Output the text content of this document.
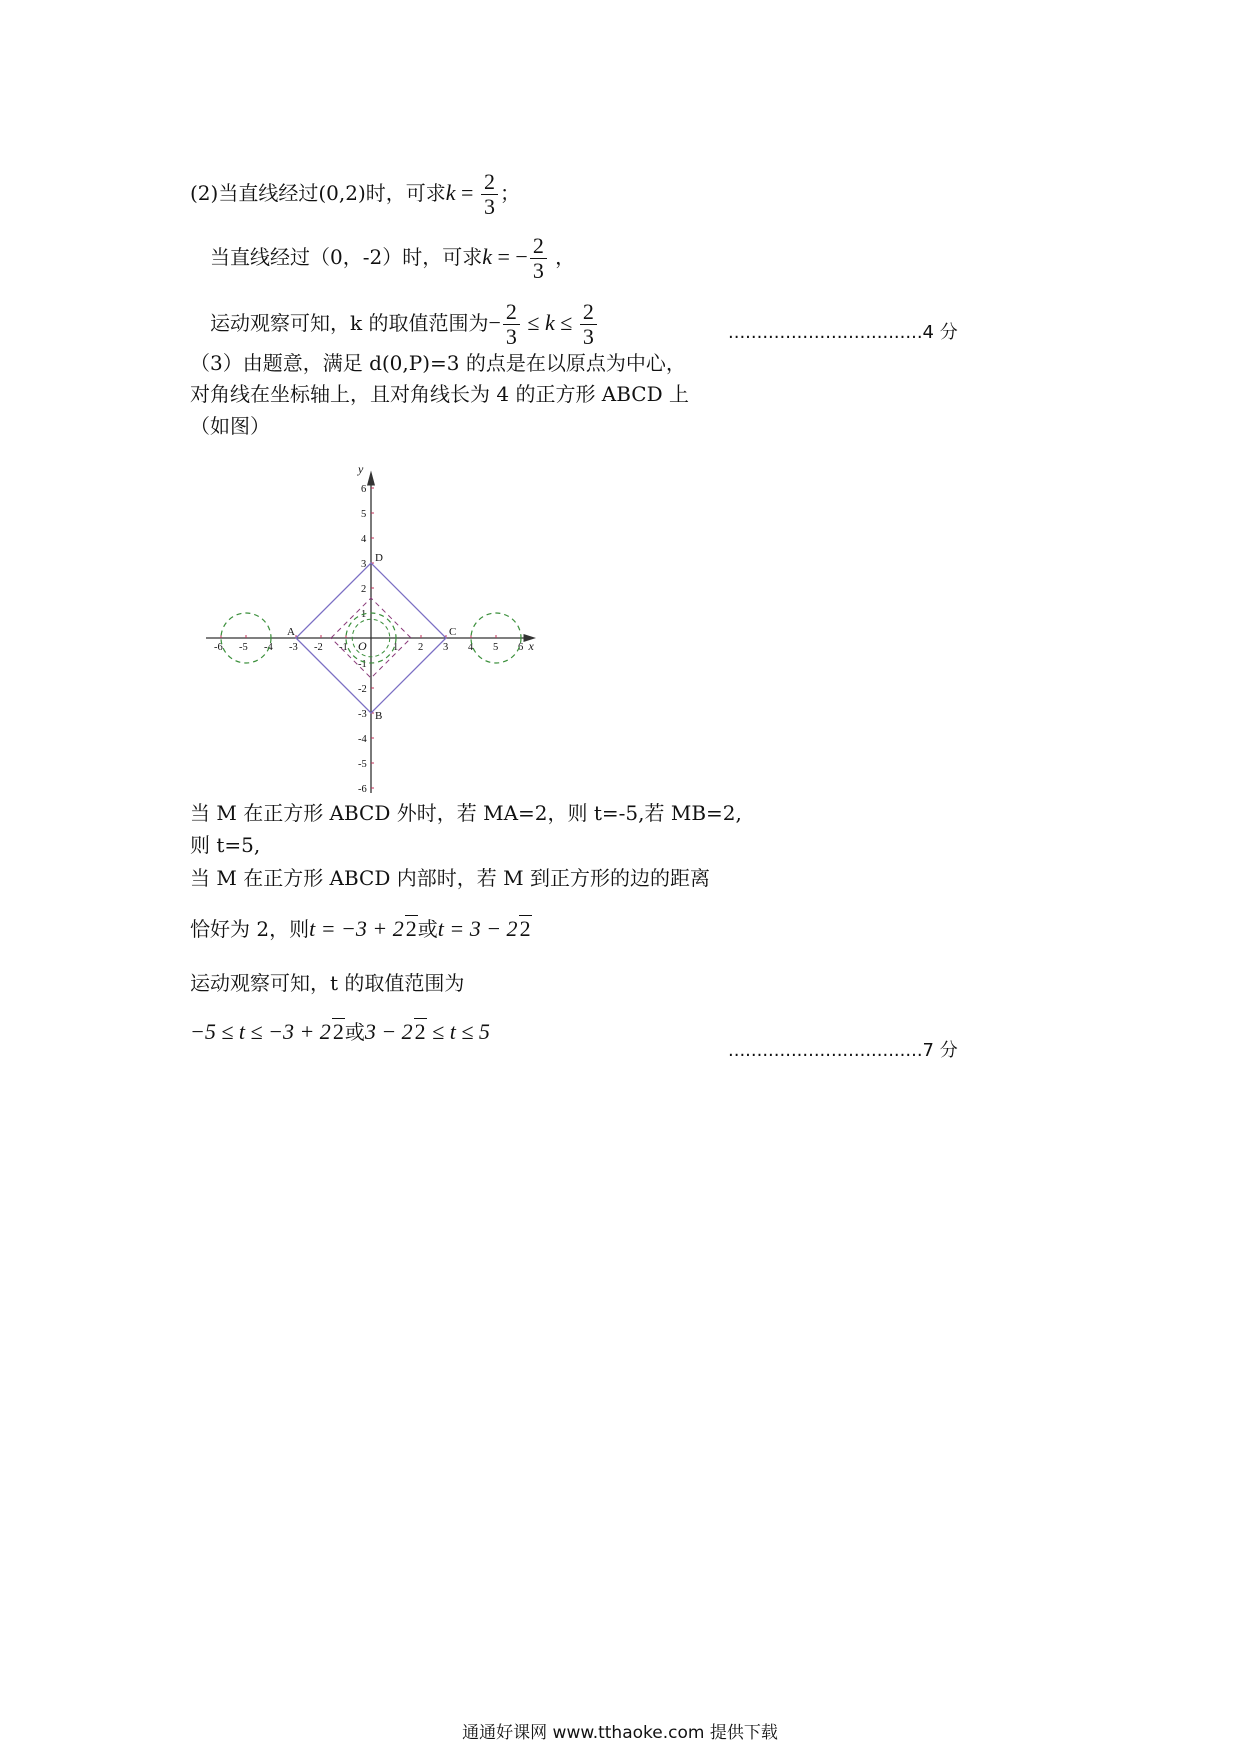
(2)当直线经过(0,2)时，可求$k = \frac{2}{3}$ ；
当直线经过（0，-2）时，可求k = − $\frac{2}{3}$ ，
运动观察可知，k 的取值范围为− $\frac{2}{3} \le k \le \frac{2}{3}$	..................................4 分
（3）由题意，满足 d(0,P)=3 的点是在以原点为中心，
对角线在坐标轴上，且对角线长为 4 的正方形 ABCD 上
（如图）
x
y
-6 -5 -4 -3 -2 -1	1 2 3 4 5 6
6
5
4
3
2
1
-1
-2
-3
-4
-5
-6
O
A
B
C
D
当 M 在正方形 ABCD 外时，若 MA=2，则 t=-5,若 MB=2,
则 t=5,
当 M 在正方形 ABCD 内部时，若 M 到正方形的边的距离
恰好为 2，则t = −3 + 22或t = 3 − 22
运动观察可知，t 的取值范围为
−5 ≤ t ≤ −3 + 22或3 − 22 ≤ t ≤ 5
..................................7 分
通通好课网 www.tthaoke.com 提供下载
